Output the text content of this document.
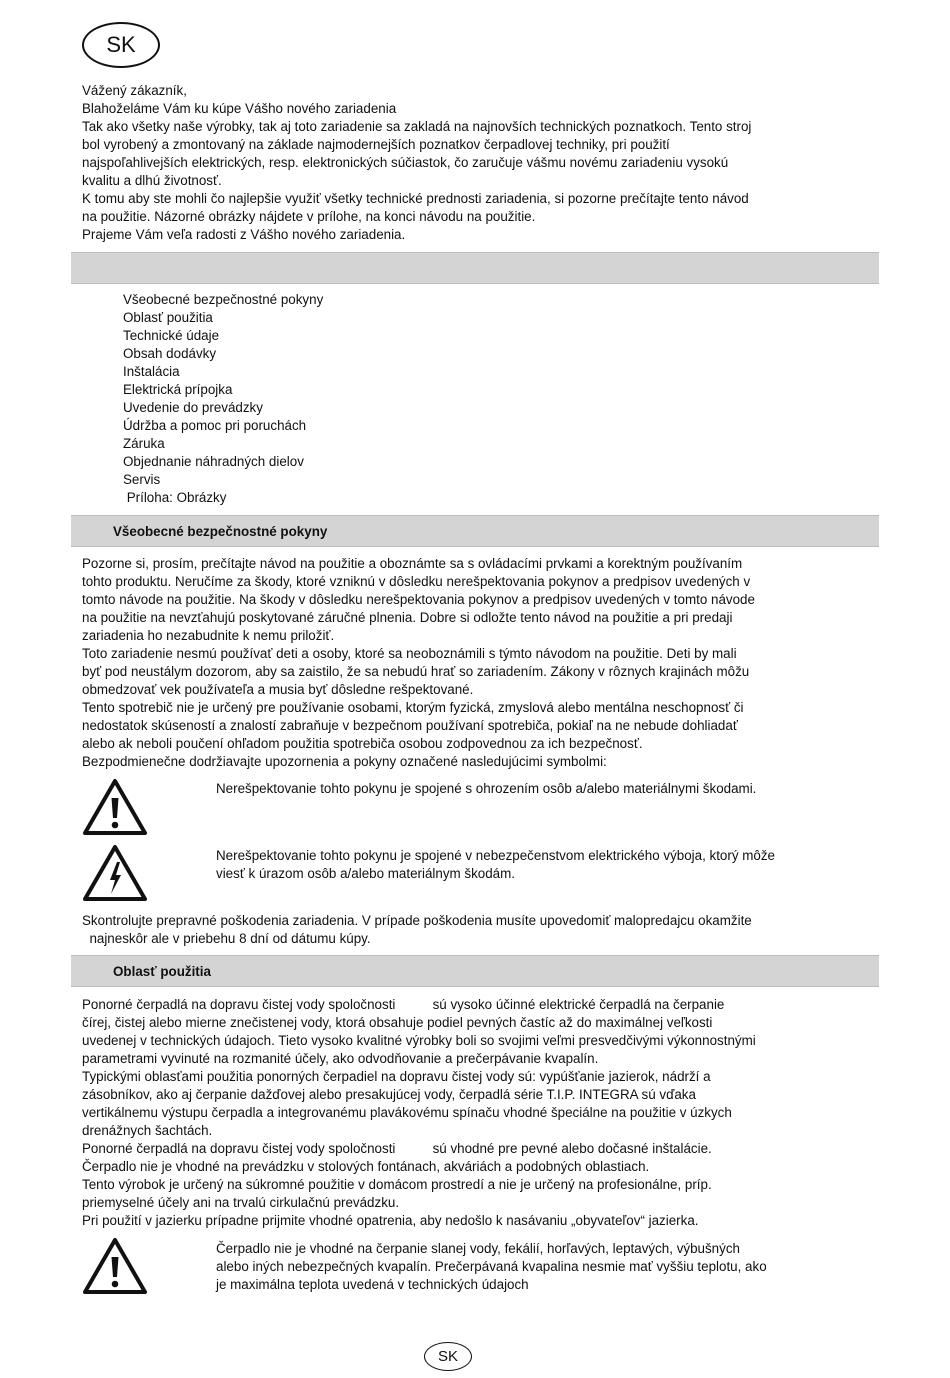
SK
Vážený zákazník,
Blahoželáme Vám ku kúpe Vášho nového zariadenia
Tak ako všetky naše výrobky, tak aj toto zariadenie sa zakladá na najnovších technických poznatkoch. Tento stroj
bol vyrobený a zmontovaný na základe najmodernejších poznatkov čerpadlovej techniky, pri použití
najspoľahlivejších elektrických, resp. elektronických súčiastok, čo zaručuje vášmu novému zariadeniu vysokú
kvalitu a dlhú životnosť.
K tomu aby ste mohli čo najlepšie využiť všetky technické prednosti zariadenia, si pozorne prečítajte tento návod
na použitie. Názorné obrázky nájdete v prílohe, na konci návodu na použitie.
Prajeme Vám veľa radosti z Vášho nového zariadenia.
Všeobecné bezpečnostné pokyny
Oblasť použitia
Technické údaje
Obsah dodávky
Inštalácia
Elektrická prípojka
Uvedenie do prevádzky
Údržba a pomoc pri poruchách
Záruka
Objednanie náhradných dielov
Servis
Príloha: Obrázky
Všeobecné bezpečnostné pokyny
Pozorne si, prosím, prečítajte návod na použitie a oboznámte sa s ovládacími prvkami a korektným používaním
tohto produktu. Neručíme za škody, ktoré vzniknú v dôsledku nerešpektovania pokynov a predpisov uvedených v
tomto návode na použitie. Na škody v dôsledku nerešpektovania pokynov a predpisov uvedených v tomto návode
na použitie na nevzťahujú poskytované záručné plnenia. Dobre si odložte tento návod na použitie a pri predaji
zariadenia ho nezabudnite k nemu priložiť.
Toto zariadenie nesmú používať deti a osoby, ktoré sa neoboznámili s týmto návodom na použitie. Deti by mali
byť pod neustálym dozorom, aby sa zaistilo, že sa nebudú hrať so zariadením. Zákony v rôznych krajinách môžu
obmedzovať vek používateľa a musia byť dôsledne rešpektované.
Tento spotrebič nie je určený pre používanie osobami, ktorým fyzická, zmyslová alebo mentálna neschopnosť či
nedostatok skúseností a znalostí zabraňuje v bezpečnom používaní spotrebiča, pokiaľ na ne nebude dohliadať
alebo ak neboli poučení ohľadom použitia spotrebiča osobou zodpovednou za ich bezpečnosť.
Bezpodmienečne dodržiavajte upozornenia a pokyny označené nasledujúcimi symbolmi:
Nerešpektovanie tohto pokynu je spojené s ohrozením osôb a/alebo materiálnymi škodami.
Nerešpektovanie tohto pokynu je spojené v nebezpečenstvom elektrického výboja, ktorý môže
viesť k úrazom osôb a/alebo materiálnym škodám.
Skontrolujte prepravné poškodenia zariadenia. V prípade poškodenia musíte upovedomiť malopredajcu okamžite
najneskôr ale v priebehu 8 dní od dátumu kúpy.
Oblasť použitia
Ponorné čerpadlá na dopravu čistej vody spoločnosti          sú vysoko účinné elektrické čerpadlá na čerpanie
čírej, čistej alebo mierne znečistenej vody, ktorá obsahuje podiel pevných častíc až do maximálnej veľkosti
uvedenej v technických údajoch. Tieto vysoko kvalitné výrobky boli so svojimi veľmi presvedčivými výkonnostnými
parametrami vyvinuté na rozmanité účely, ako odvodňovanie a prečerpávanie kvapalín.
Typickými oblasťami použitia ponorných čerpadiel na dopravu čistej vody sú: vypúšťanie jazierok, nádrží a
zásobníkov, ako aj čerpanie dažďovej alebo presakujúcej vody, čerpadlá série T.I.P. INTEGRA sú vďaka
vertikálnemu výstupu čerpadla a integrovanému plavákovému spínaču vhodné špeciálne na použitie v úzkych
drenážnych šachtách.
Ponorné čerpadlá na dopravu čistej vody spoločnosti          sú vhodné pre pevné alebo dočasné inštalácie.
Čerpadlo nie je vhodné na prevádzku v stolových fontánach, akváriách a podobných oblastiach.
Tento výrobok je určený na súkromné použitie v domácom prostredí a nie je určený na profesionálne, príp.
priemyselné účely ani na trvalú cirkulačnú prevádzku.
Pri použití v jazierku prípadne prijmite vhodné opatrenia, aby nedošlo k nasávaniu „obyvateľov“ jazierka.
Čerpadlo nie je vhodné na čerpanie slanej vody, fekálií, horľavých, leptavých, výbušných
alebo iných nebezpečných kvapalín. Prečerpávaná kvapalina nesmie mať vyššiu teplotu, ako
je maximálna teplota uvedená v technických údajoch
SK
